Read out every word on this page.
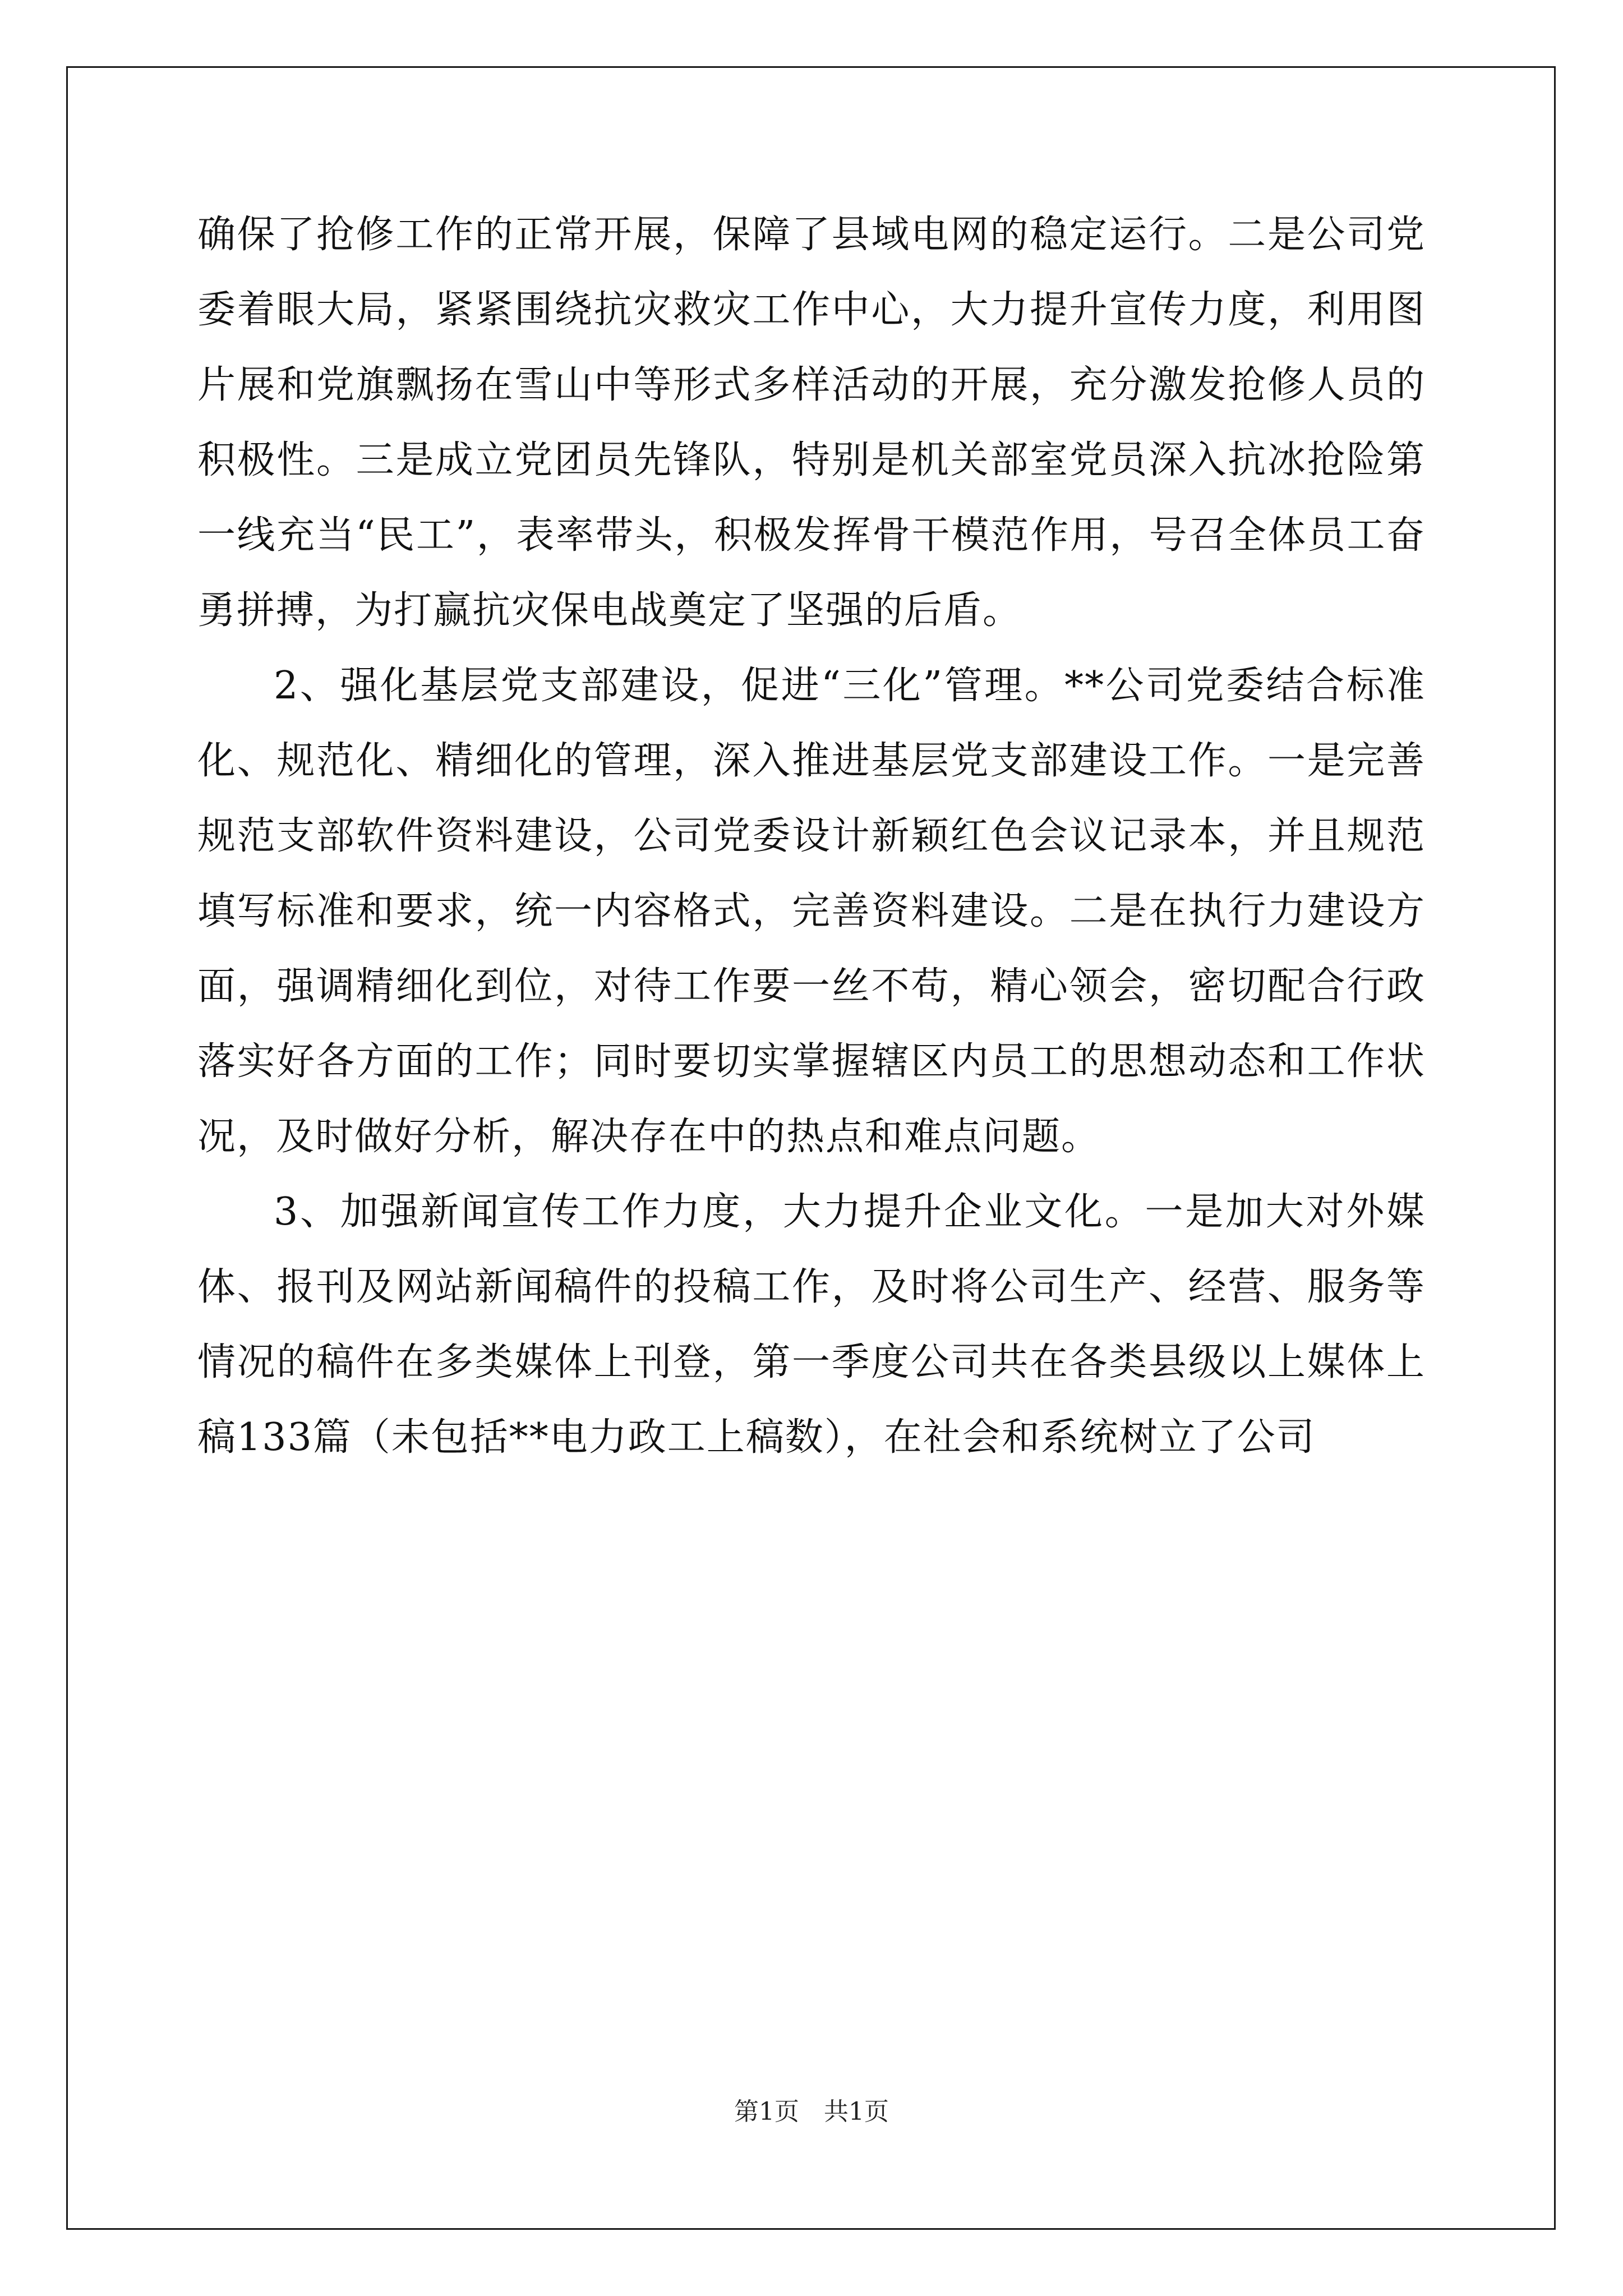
确保了抢修工作的正常开展，保障了县域电网的稳定运行。二是公司党委着眼大局，紧紧围绕抗灾救灾工作中心，大力提升宣传力度，利用图片展和党旗飘扬在雪山中等形式多样活动的开展，充分激发抢修人员的积极性。三是成立党团员先锋队，特别是机关部室党员深入抗冰抢险第一线充当“民工”，表率带头，积极发挥骨干模范作用，号召全体员工奋勇拼搏，为打赢抗灾保电战奠定了坚强的后盾。

2、强化基层党支部建设，促进“三化”管理。**公司党委结合标准化、规范化、精细化的管理，深入推进基层党支部建设工作。一是完善规范支部软件资料建设，公司党委设计新颖红色会议记录本，并且规范填写标准和要求，统一内容格式，完善资料建设。二是在执行力建设方面，强调精细化到位，对待工作要一丝不苟，精心领会，密切配合行政落实好各方面的工作；同时要切实掌握辖区内员工的思想动态和工作状况，及时做好分析，解决存在中的热点和难点问题。

3、加强新闻宣传工作力度，大力提升企业文化。一是加大对外媒体、报刊及网站新闻稿件的投稿工作，及时将公司生产、经营、服务等情况的稿件在多类媒体上刊登，第一季度公司共在各类县级以上媒体上稿133篇（未包括**电力政工上稿数），在社会和系统树立了公司

第1页 共1页
